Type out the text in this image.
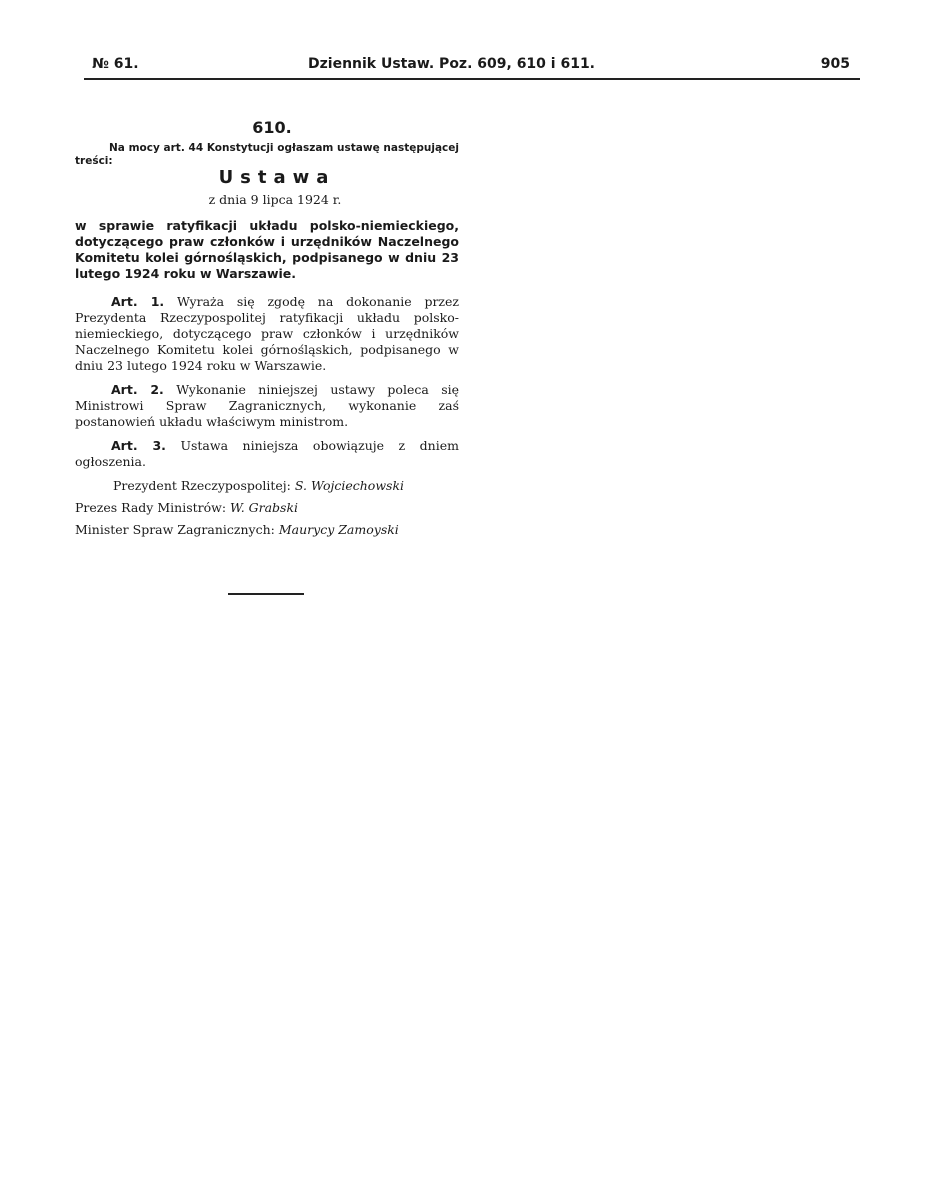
№ 61.	Dziennik Ustaw. Poz. 609, 610 i 611.	905
610.

Na mocy art. 44 Konstytucji ogłaszam ustawę następującej treści:

Ustawa
z dnia 9 lipca 1924 r.

w sprawie ratyfikacji układu polsko-niemieckiego, dotyczącego praw członków i urzędników Naczelnego Komitetu kolei górnośląskich, podpisanego w dniu 23 lutego 1924 roku w Warszawie.

Art. 1. Wyraża się zgodę na dokonanie przez Prezydenta Rzeczypospolitej ratyfikacji układu polsko-niemieckiego, dotyczącego praw członków i urzędników Naczelnego Komitetu kolei górnośląskich, podpisanego w dniu 23 lutego 1924 roku w Warszawie.

Art. 2. Wykonanie niniejszej ustawy poleca się Ministrowi Spraw Zagranicznych, wykonanie zaś postanowień układu właściwym ministrom.

Art. 3. Ustawa niniejsza obowiązuje z dniem ogłoszenia.

Prezydent Rzeczypospolitej: S. Wojciechowski

Prezes Rady Ministrów: W. Grabski

Minister Spraw Zagranicznych: Maurycy Zamoyski
